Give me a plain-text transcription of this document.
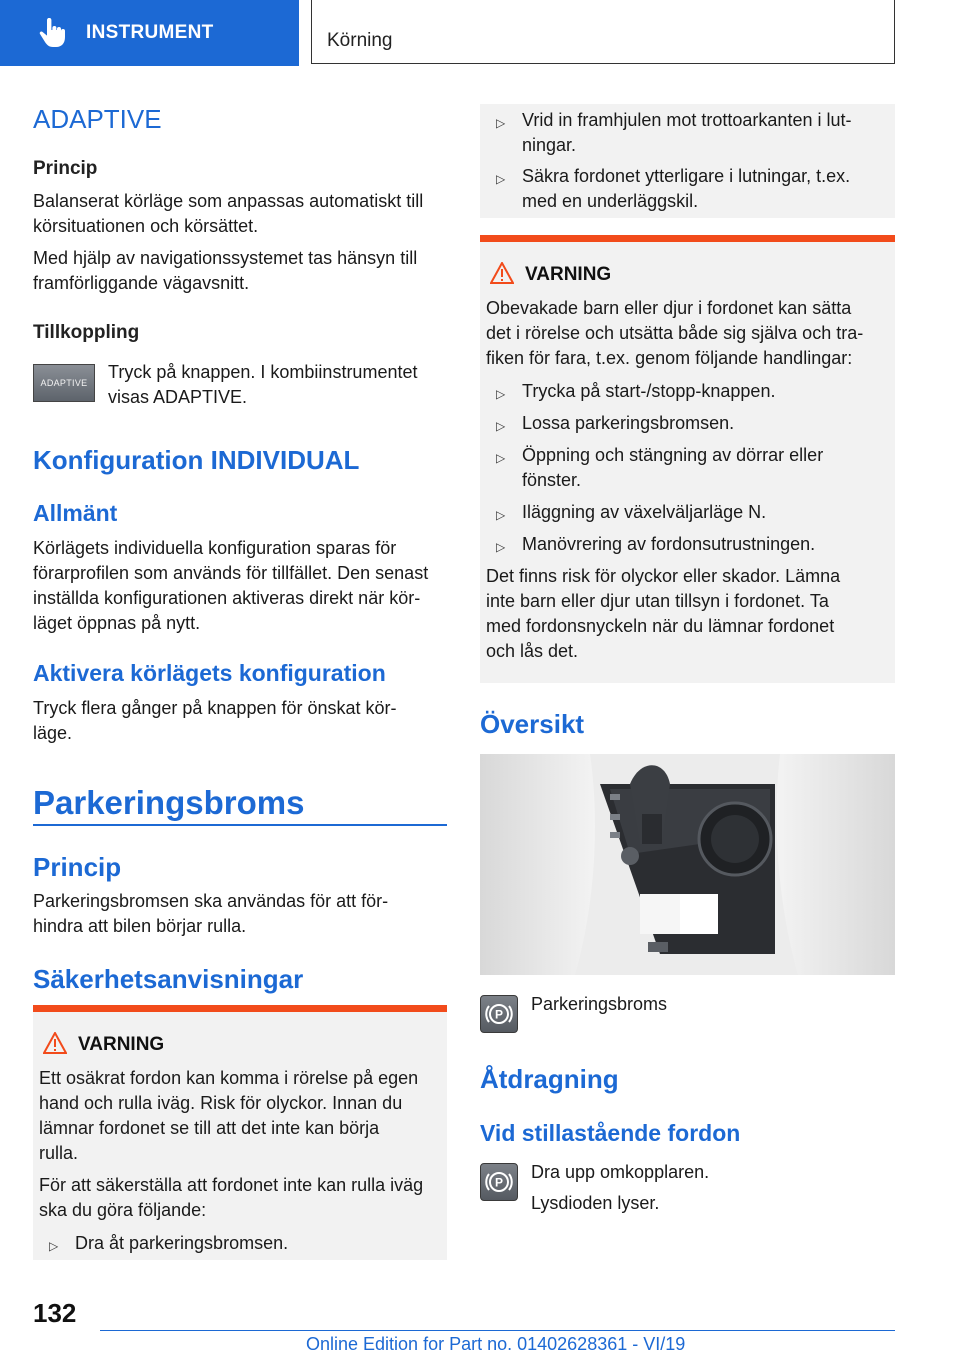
INSTRUMENT	Körning
ADAPTIVE
Princip
Balanserat körläge som anpassas automatiskt till
körsituationen och körsättet.
Med hjälp av navigationssystemet tas hänsyn till
framförliggande vägavsnitt.
Tillkoppling
ADAPTIVE
Tryck på knappen. I kombiinstrumentet
visas ADAPTIVE.
Konfiguration INDIVIDUAL
Allmänt
Körlägets individuella konfiguration sparas för
förarprofilen som används för tillfället. Den senast
inställda konfigurationen aktiveras direkt när kör-
läget öppnas på nytt.
Aktivera körlägets konfiguration
Tryck flera gånger på knappen för önskat kör-
läge.
Parkeringsbroms
Princip
Parkeringsbromsen ska användas för att för-
hindra att bilen börjar rulla.
Säkerhetsanvisningar
VARNING
Ett osäkrat fordon kan komma i rörelse på egen
hand och rulla iväg. Risk för olyckor. Innan du
lämnar fordonet se till att det inte kan börja
rulla.
För att säkerställa att fordonet inte kan rulla iväg
ska du göra följande:
▷ Dra åt parkeringsbromsen.
▷ Vrid in framhjulen mot trottoarkanten i lut-
ningar.
▷ Säkra fordonet ytterligare i lutningar, t.ex.
med en underläggskil.
VARNING
Obevakade barn eller djur i fordonet kan sätta
det i rörelse och utsätta både sig själva och tra-
fiken för fara, t.ex. genom följande handlingar:
▷ Trycka på start-/stopp-knappen.
▷ Lossa parkeringsbromsen.
▷ Öppning och stängning av dörrar eller
fönster.
▷ Iläggning av växelväljarläge N.
▷ Manövrering av fordonsutrustningen.
Det finns risk för olyckor eller skador. Lämna
inte barn eller djur utan tillsyn i fordonet. Ta
med fordonsnyckeln när du lämnar fordonet
och lås det.
Översikt
P
Parkeringsbroms
Åtdragning
Vid stillastående fordon
P
Dra upp omkopplaren.
Lysdioden lyser.
132
Online Edition for Part no. 01402628361 - VI/19
